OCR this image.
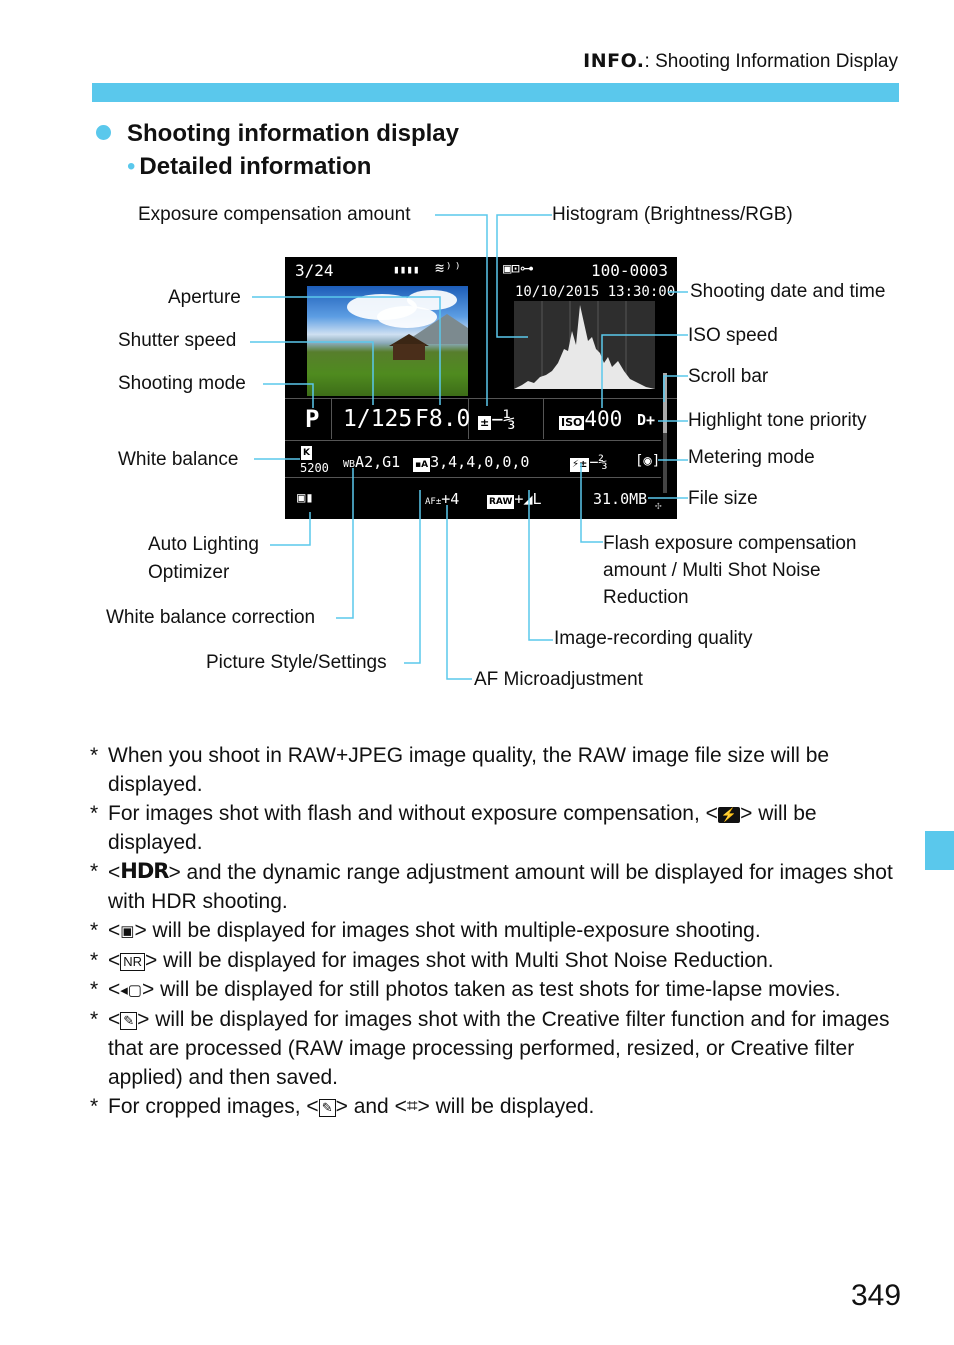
INFO.: Shooting Information Display
Shooting information display
• Detailed information
3/24	▮▮▮▮ ≋⁾⁾	▣⊡⊶	100-0003
10/10/2015 13:30:00
P 1/125 F8.0 ± −⅓	ISO400 D+
K
5200 WBA2,G1 ▪A 3,4,4,0,0,0	⚡± −⅔ [◉]
▣▮	AF±+4	RAW +◢L	31.0MB ✣
Exposure compensation amount	Histogram (Brightness/RGB)
Aperture	Shooting date and time
Shutter speed	ISO speed
Shooting mode	Scroll bar
Highlight tone priority
White balance	Metering mode
File size
Auto Lighting Optimizer
Flash exposure compensation amount / Multi Shot Noise Reduction
White balance correction
Image-recording quality
Picture Style/Settings
AF Microadjustment
* When you shoot in RAW+JPEG image quality, the RAW image file size will be displayed.
* For images shot with flash and without exposure compensation, < ⚡ > will be displayed.
* <HDR> and the dynamic range adjustment amount will be displayed for images shot with HDR shooting.
* <▣> will be displayed for images shot with multiple-exposure shooting.
* < NR > will be displayed for images shot with Multi Shot Noise Reduction.
* <◂▢> will be displayed for still photos taken as test shots for time-lapse movies.
* < ✎ > will be displayed for images shot with the Creative filter function and for images that are processed (RAW image processing performed, resized, or Creative filter applied) and then saved.
* For cropped images, < ✎ > and <⌗> will be displayed.
349
